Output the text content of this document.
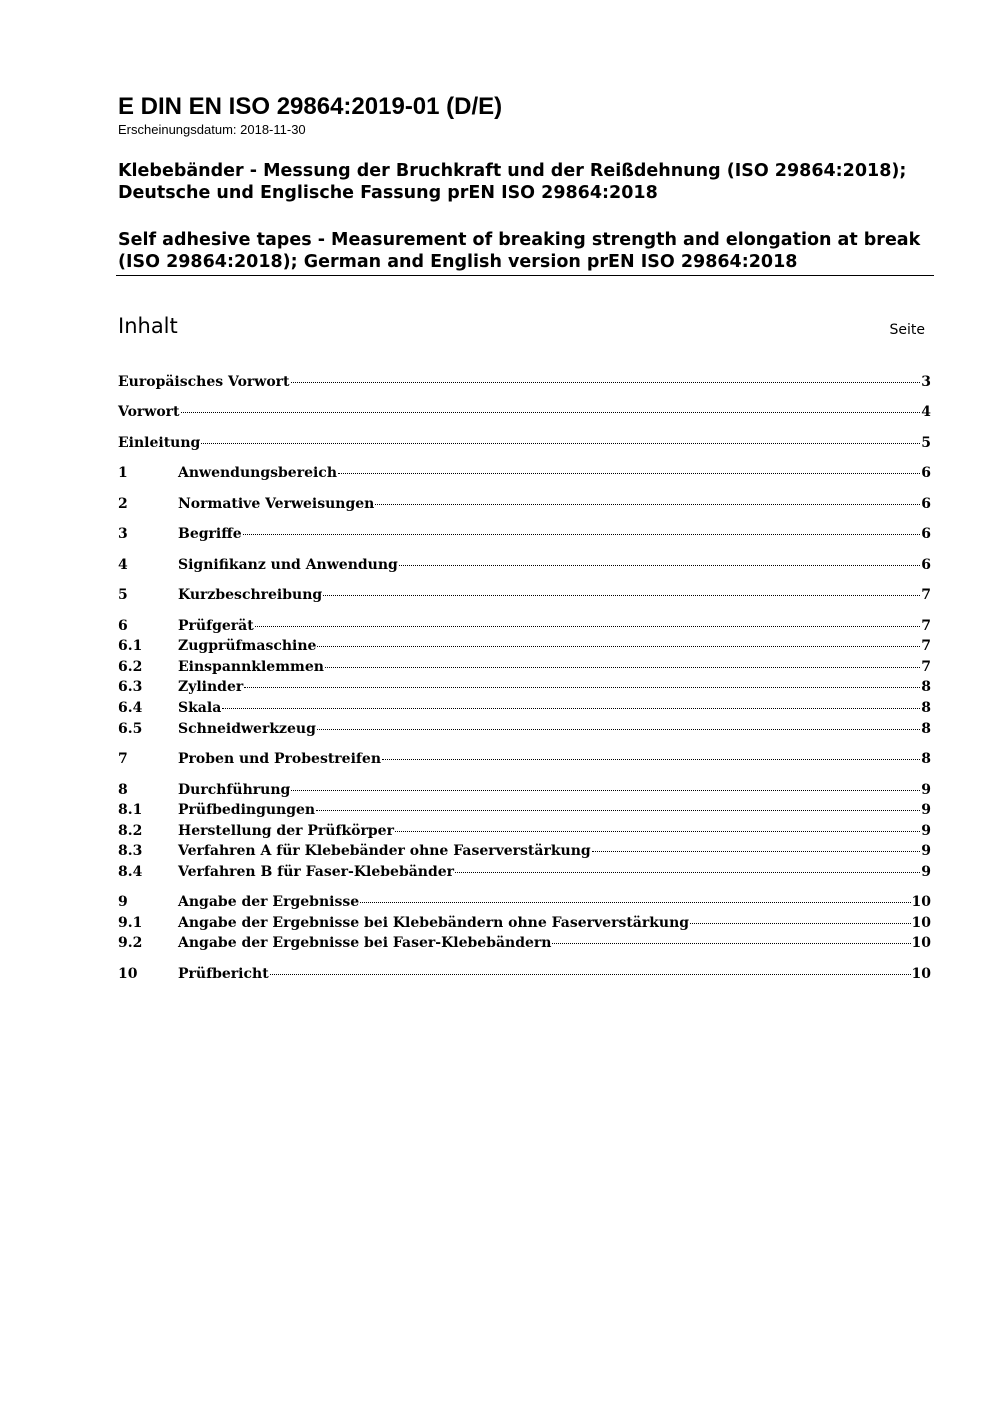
E DIN EN ISO 29864:2019-01 (D/E)
Erscheinungsdatum: 2018-11-30
Klebebänder - Messung der Bruchkraft und der Reißdehnung (ISO 29864:2018); Deutsche und Englische Fassung prEN ISO 29864:2018
Self adhesive tapes - Measurement of breaking strength and elongation at break (ISO 29864:2018); German and English version prEN ISO 29864:2018
Inhalt	Seite
Europäisches Vorwort	3
Vorwort	4
Einleitung	5
1	Anwendungsbereich	6
2	Normative Verweisungen	6
3	Begriffe	6
4	Signifikanz und Anwendung	6
5	Kurzbeschreibung	7
6	Prüfgerät	7
6.1	Zugprüfmaschine	7
6.2	Einspannklemmen	7
6.3	Zylinder	8
6.4	Skala	8
6.5	Schneidwerkzeug	8
7	Proben und Probestreifen	8
8	Durchführung	9
8.1	Prüfbedingungen	9
8.2	Herstellung der Prüfkörper	9
8.3	Verfahren A für Klebebänder ohne Faserverstärkung	9
8.4	Verfahren B für Faser-Klebebänder	9
9	Angabe der Ergebnisse	10
9.1	Angabe der Ergebnisse bei Klebebändern ohne Faserverstärkung	10
9.2	Angabe der Ergebnisse bei Faser-Klebebändern	10
10	Prüfbericht	10
